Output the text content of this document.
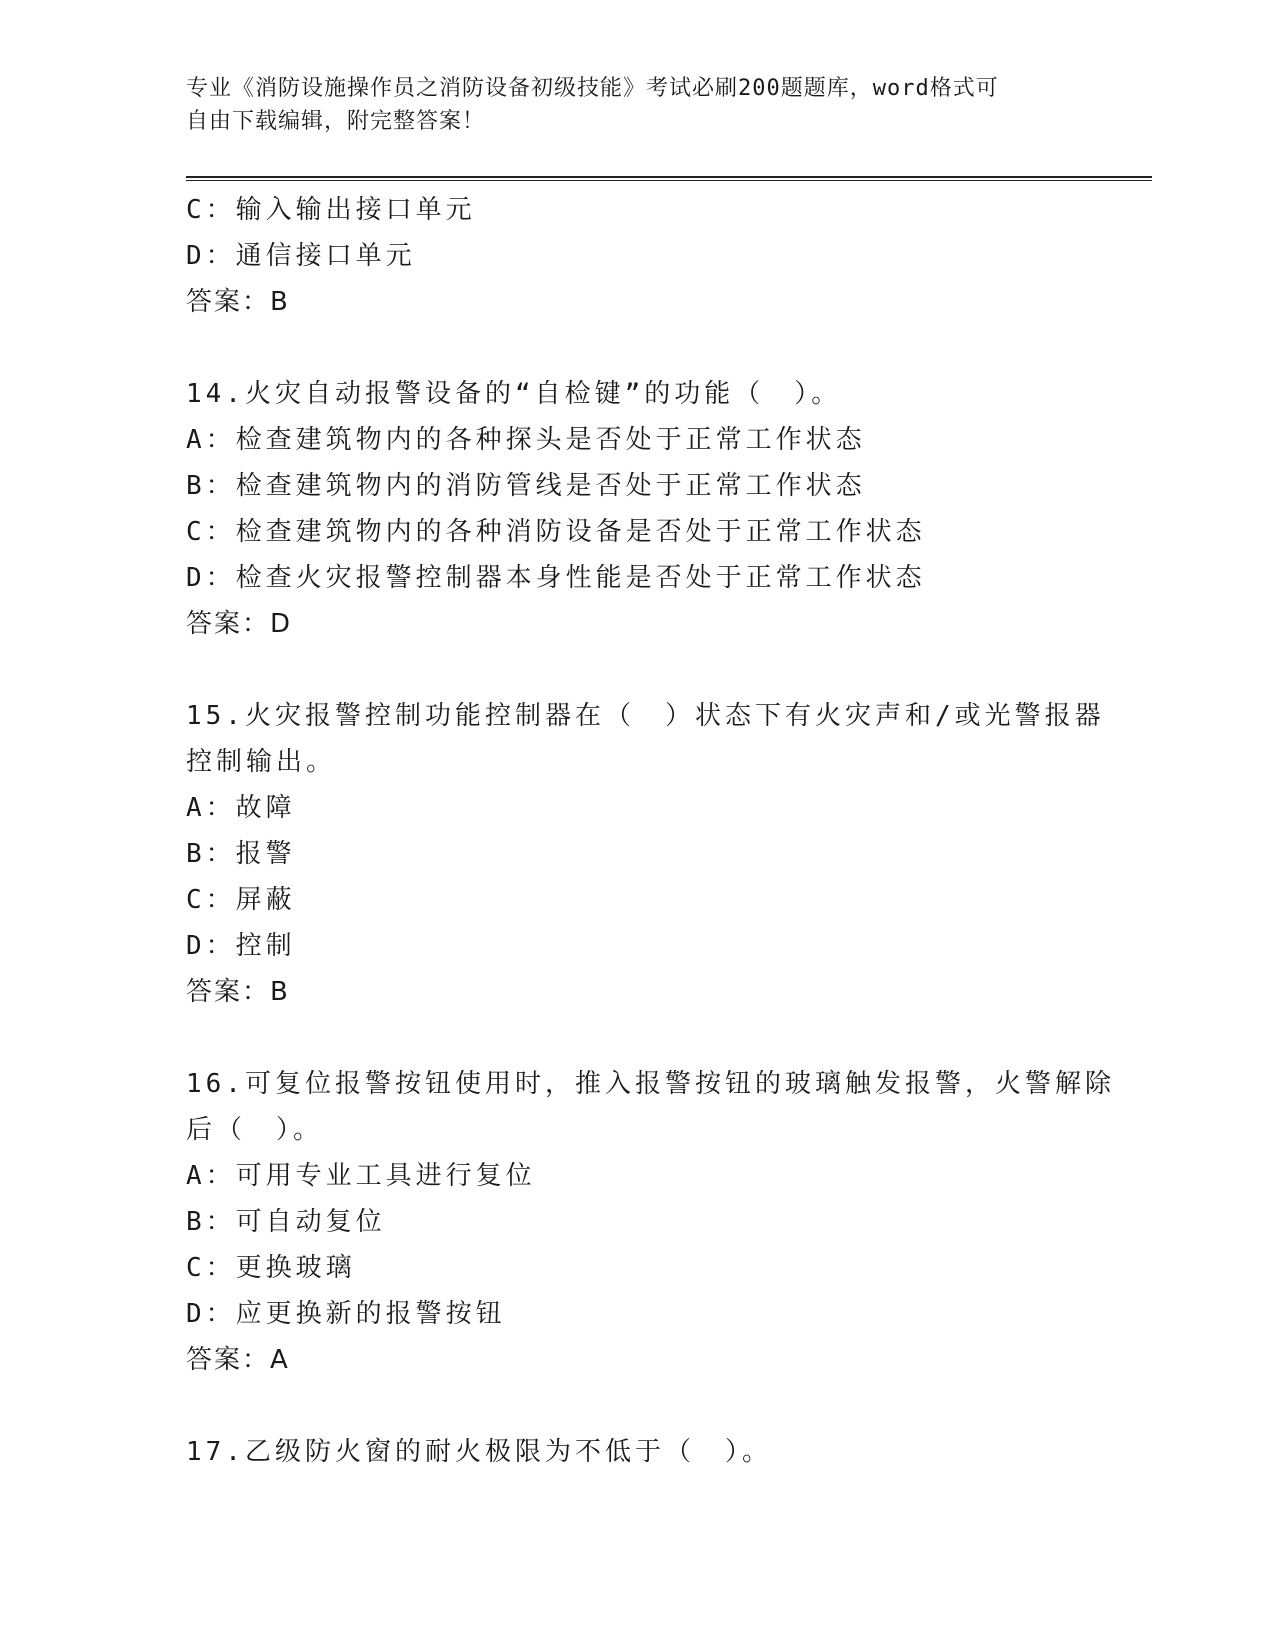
专业《消防设施操作员之消防设备初级技能》考试必刷200题题库，word格式可
自由下载编辑，附完整答案！
C：输入输出接口单元
D：通信接口单元
答案：B
14.火灾自动报警设备的“自检键”的功能（　）。
A：检查建筑物内的各种探头是否处于正常工作状态
B：检查建筑物内的消防管线是否处于正常工作状态
C：检查建筑物内的各种消防设备是否处于正常工作状态
D：检查火灾报警控制器本身性能是否处于正常工作状态
答案：D
15.火灾报警控制功能控制器在（　）状态下有火灾声和/或光警报器
控制输出。
A：故障
B：报警
C：屏蔽
D：控制
答案：B
16.可复位报警按钮使用时，推入报警按钮的玻璃触发报警，火警解除
后（　）。
A：可用专业工具进行复位
B：可自动复位
C：更换玻璃
D：应更换新的报警按钮
答案：A
17.乙级防火窗的耐火极限为不低于（　）。
